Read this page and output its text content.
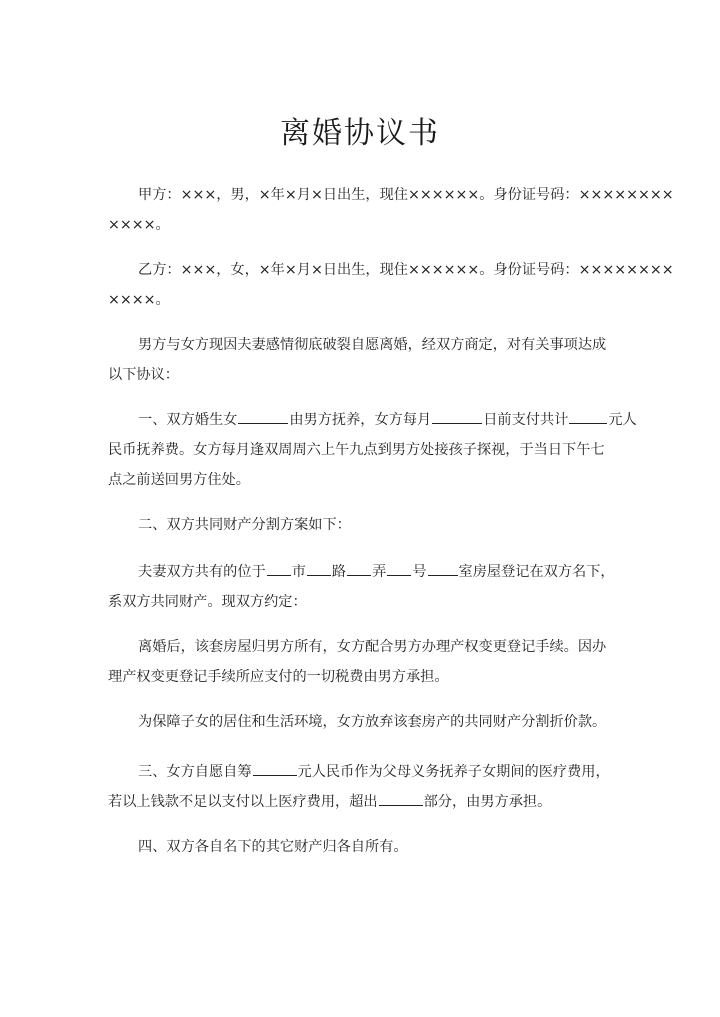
离婚协议书
甲方：×××，男，×年×月×日出生，现住××××××。身份证号码：××××××××
××××。
乙方：×××，女，×年×月×日出生，现住××××××。身份证号码：××××××××
××××。
男方与女方现因夫妻感情彻底破裂自愿离婚，经双方商定，对有关事项达成
以下协议：
一、双方婚生女	由男方抚养，女方每月	日前支付共计	元人
民币抚养费。女方每月逢双周周六上午九点到男方处接孩子探视，于当日下午七
点之前送回男方住处。
二、双方共同财产分割方案如下：
夫妻双方共有的位于 市 路 弄 号 室房屋登记在双方名下，
系双方共同财产。现双方约定：
离婚后，该套房屋归男方所有，女方配合男方办理产权变更登记手续。因办
理产权变更登记手续所应支付的一切税费由男方承担。
为保障子女的居住和生活环境，女方放弃该套房产的共同财产分割折价款。
三、女方自愿自筹	元人民币作为父母义务抚养子女期间的医疗费用，
若以上钱款不足以支付以上医疗费用，超出	部分，由男方承担。
四、双方各自名下的其它财产归各自所有。
